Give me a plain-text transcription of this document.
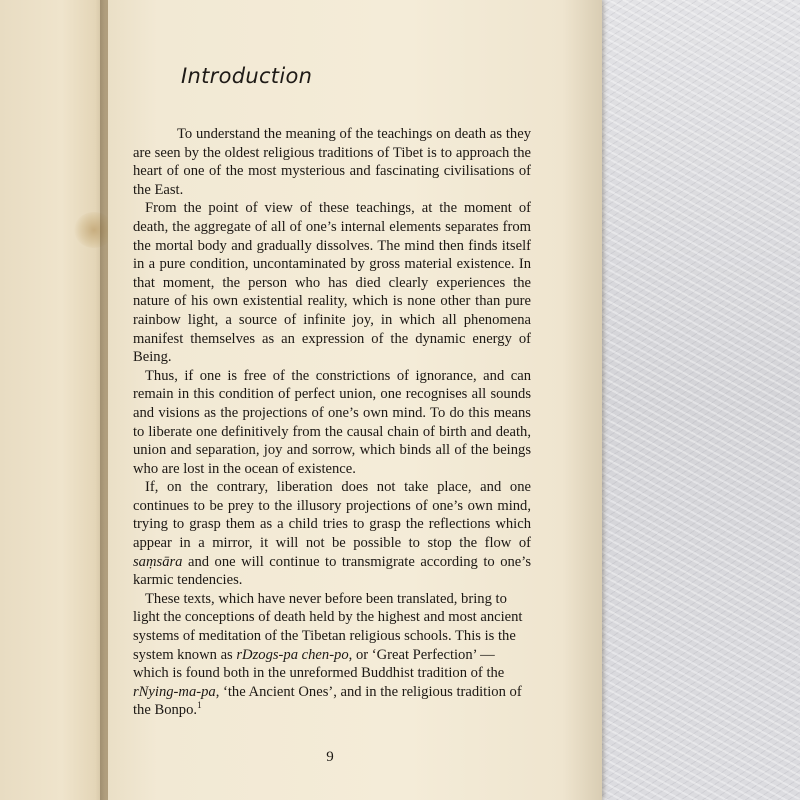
Introduction

To understand the meaning of the teachings on death as they are seen by the oldest religious traditions of Tibet is to approach the heart of one of the most mysterious and fascinating civilisations of the East.

From the point of view of these teachings, at the moment of death, the aggregate of all of one’s internal elements separates from the mortal body and gradually dissolves. The mind then finds itself in a pure condition, uncontaminated by gross material existence. In that moment, the person who has died clearly experiences the nature of his own existential reality, which is none other than pure rainbow light, a source of infinite joy, in which all phenomena manifest themselves as an expression of the dynamic energy of Being.

Thus, if one is free of the constrictions of ignorance, and can remain in this condition of perfect union, one recognises all sounds and visions as the projections of one’s own mind. To do this means to liberate one definitively from the causal chain of birth and death, union and separation, joy and sorrow, which binds all of the beings who are lost in the ocean of existence.

If, on the contrary, liberation does not take place, and one continues to be prey to the illusory projections of one’s own mind, trying to grasp them as a child tries to grasp the reflections which appear in a mirror, it will not be possible to stop the flow of saṃsāra and one will continue to transmigrate according to one’s karmic tendencies.

These texts, which have never before been translated, bring to light the conceptions of death held by the highest and most ancient systems of meditation of the Tibetan religious schools. This is the system known as rDzogs-pa chen-po, or ‘Great Perfection’ — which is found both in the unreformed Buddhist tradition of the rNying-ma-pa, ‘the Ancient Ones’, and in the religious tradition of the Bonpo.$^1$

9
